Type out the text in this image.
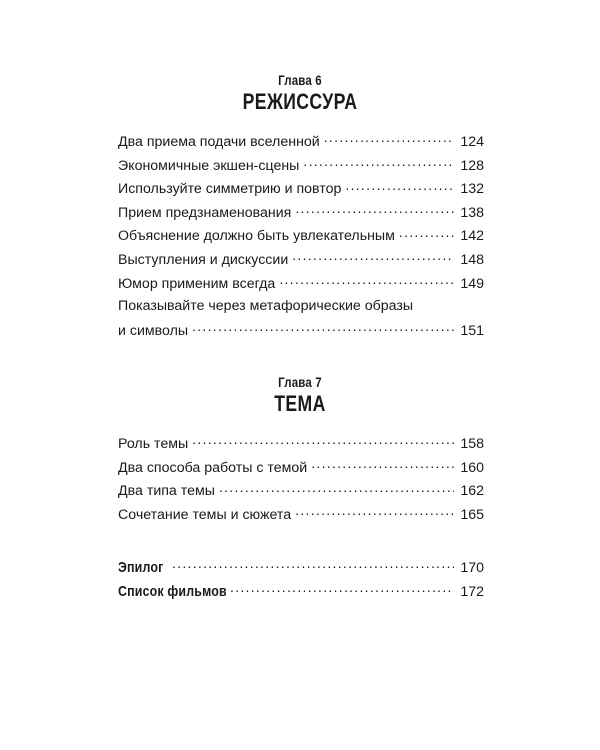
Глава 6
РЕЖИССУРА
Два приема подачи вселенной . . .	124
Экономичные экшен-сцены . . .	128
Используйте симметрию и повтор . . .	132
Прием предзнаменования . . .	138
Объяснение должно быть увлекательным . . .	142
Выступления и дискуссии . . .	148
Юмор применим всегда . . .	149
Показывайте через метафорические образы
и символы . . .	151
Глава 7
ТЕМА
Роль темы . . .	158
Два способа работы с темой . . .	160
Два типа темы . . .	162
Сочетание темы и сюжета . . .	165
Эпилог . . .	170
Список фильмов . . .	172
